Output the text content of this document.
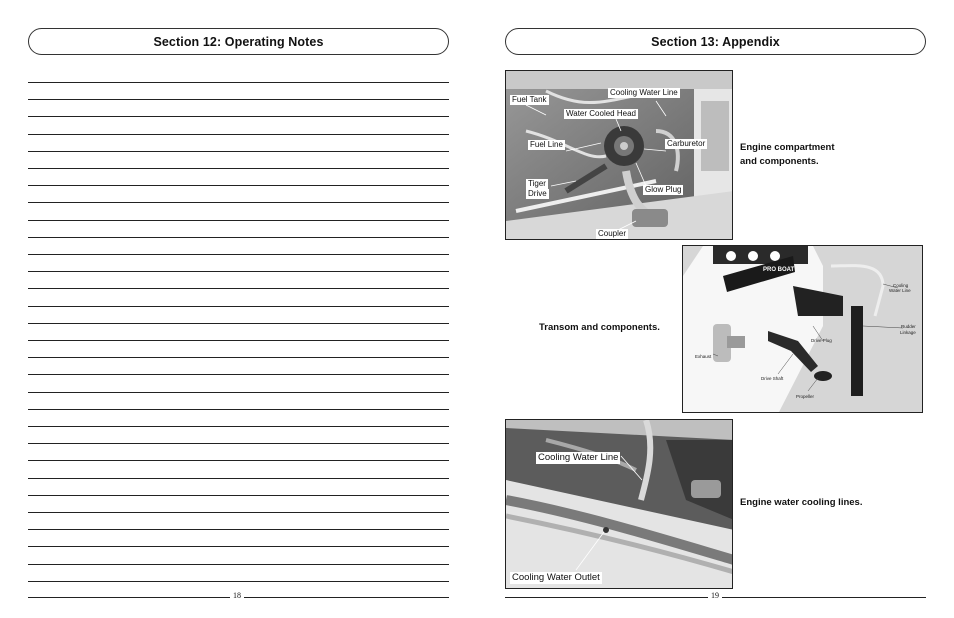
Section 12: Operating Notes
18
Section 13: Appendix
Fuel Tank
Cooling Water Line
Water Cooled Head
Fuel Line	Carburetor
Tiger
Drive	Glow Plug
Coupler
Engine compartment
and components.
Transom and components.
PRO BOAT
Cooling
Water Line
Rudder
Linkage
Drive Plug
Exhaust
Drive Shaft
Propeller
Cooling Water Line
Cooling Water Outlet
Engine water cooling lines.
19
